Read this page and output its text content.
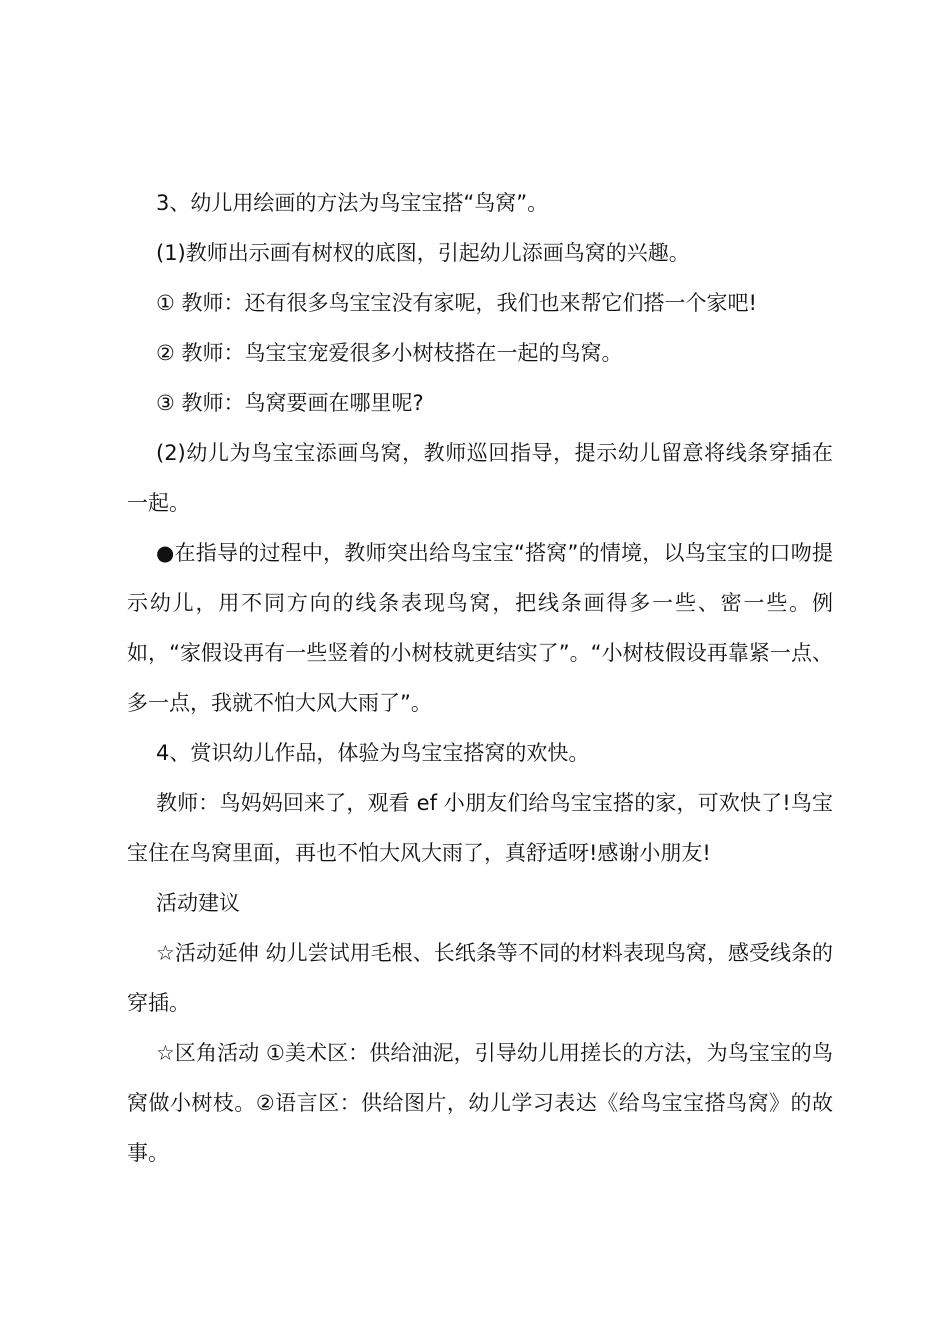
3、幼儿用绘画的方法为鸟宝宝搭“鸟窝”。

(1)教师出示画有树杈的底图，引起幼儿添画鸟窝的兴趣。

① 教师：还有很多鸟宝宝没有家呢，我们也来帮它们搭一个家吧!

② 教师：鸟宝宝宠爱很多小树枝搭在一起的鸟窝。

③ 教师：鸟窝要画在哪里呢?

(2)幼儿为鸟宝宝添画鸟窝，教师巡回指导，提示幼儿留意将线条穿插在一起。

●在指导的过程中，教师突出给鸟宝宝“搭窝”的情境，以鸟宝宝的口吻提示幼儿，用不同方向的线条表现鸟窝，把线条画得多一些、密一些。例如，“家假设再有一些竖着的小树枝就更结实了”。“小树枝假设再靠紧一点、多一点，我就不怕大风大雨了”。

4、赏识幼儿作品，体验为鸟宝宝搭窝的欢快。

教师：鸟妈妈回来了，观看 ef 小朋友们给鸟宝宝搭的家，可欢快了!鸟宝宝住在鸟窝里面，再也不怕大风大雨了，真舒适呀!感谢小朋友!

活动建议

☆活动延伸 幼儿尝试用毛根、长纸条等不同的材料表现鸟窝，感受线条的穿插。

☆区角活动 ①美术区：供给油泥，引导幼儿用搓长的方法，为鸟宝宝的鸟窝做小树枝。②语言区：供给图片，幼儿学习表达《给鸟宝宝搭鸟窝》的故事。
